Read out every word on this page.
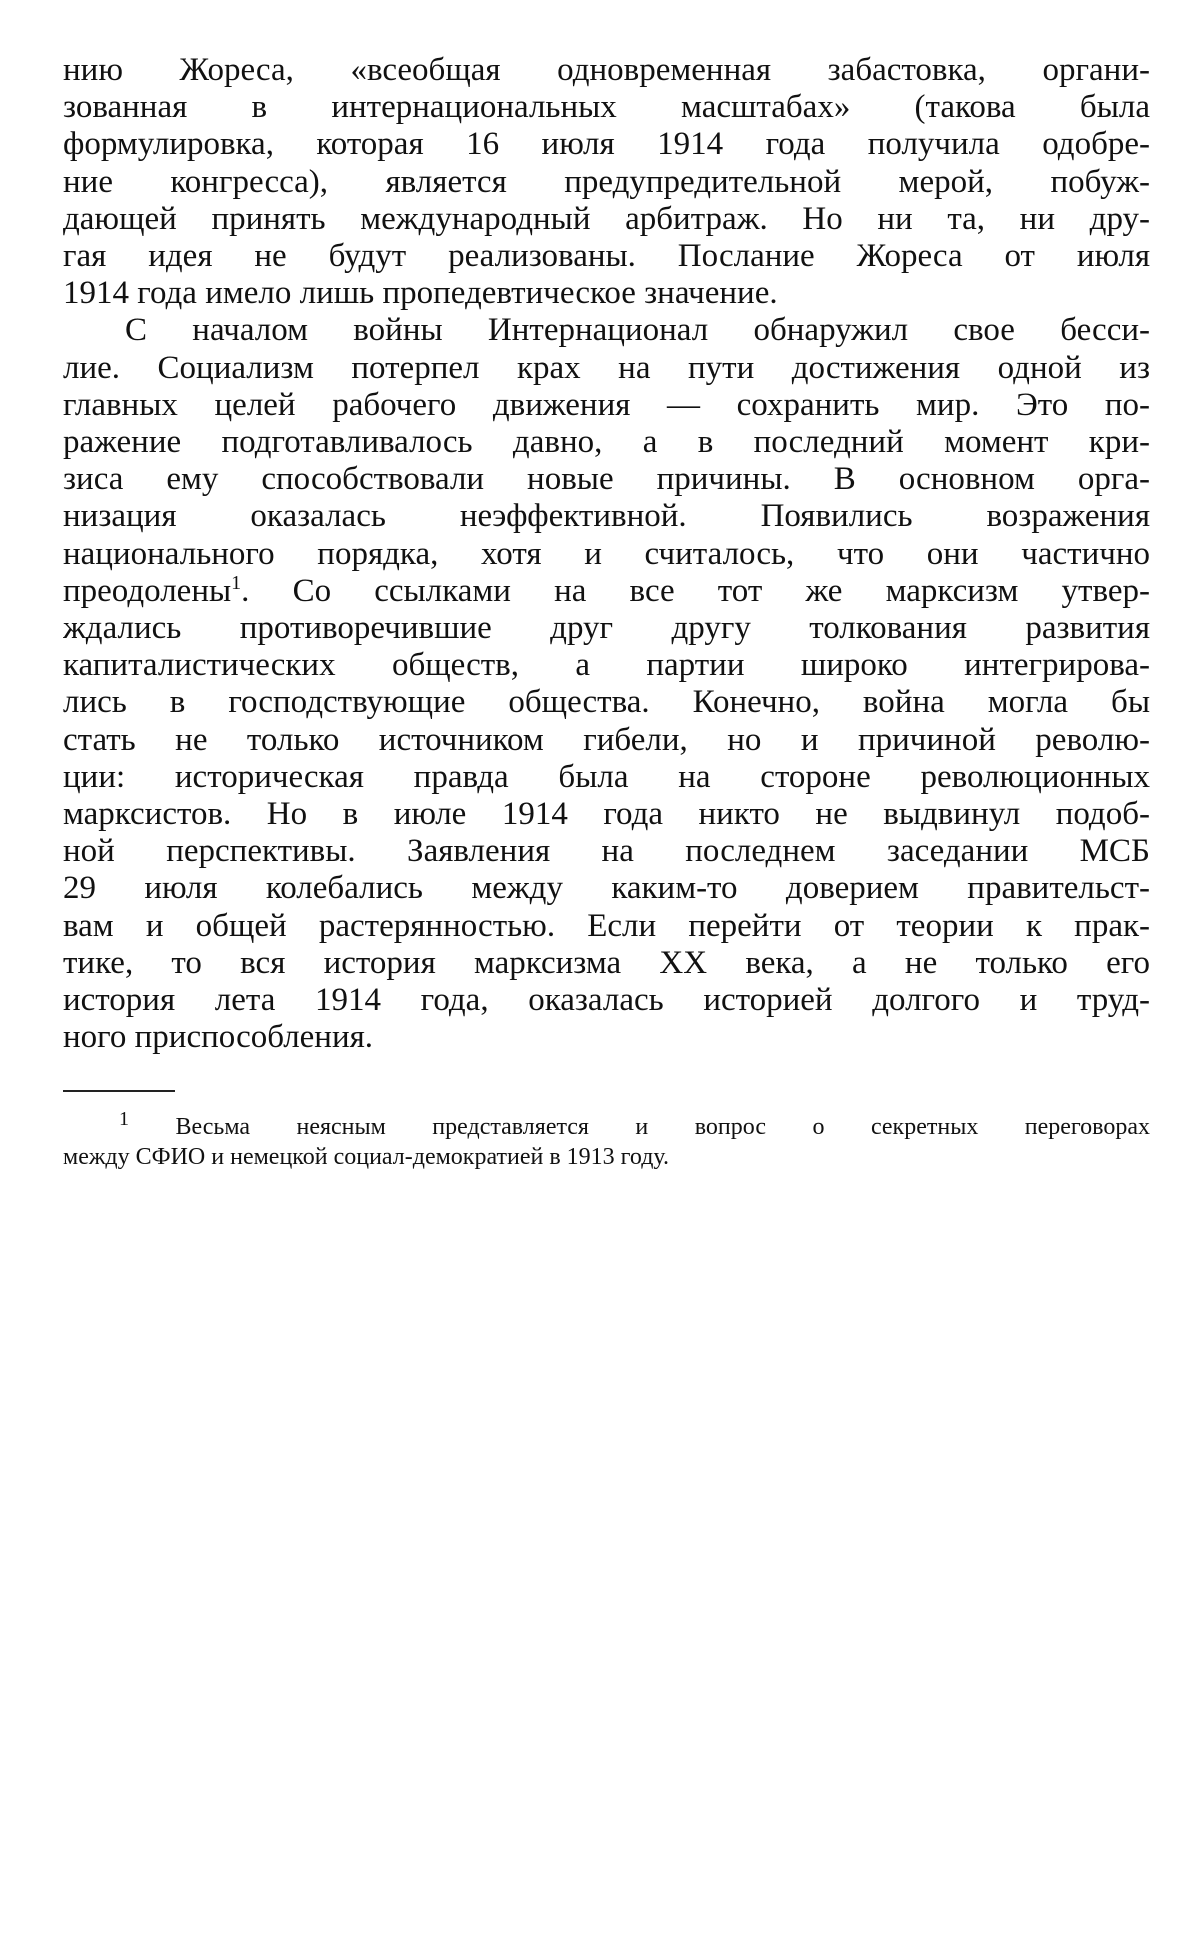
нию Жореса, «всеобщая одновременная забастовка, органи-
зованная в интернациональных масштабах» (такова была
формулировка, которая 16 июля 1914 года получила одобре-
ние конгресса), является предупредительной мерой, побуж-
дающей принять международный арбитраж. Но ни та, ни дру-
гая идея не будут реализованы. Послание Жореса от июля
1914 года имело лишь пропедевтическое значение.

С началом войны Интернационал обнаружил свое бесси-
лие. Социализм потерпел крах на пути достижения одной из
главных целей рабочего движения — сохранить мир. Это по-
ражение подготавливалось давно, а в последний момент кри-
зиса ему способствовали новые причины. В основном орга-
низация оказалась неэффективной. Появились возражения
национального порядка, хотя и считалось, что они частично
преодолены$^1$. Со ссылками на все тот же марксизм утвер-
ждались противоречившие друг другу толкования развития
капиталистических обществ, а партии широко интегрирова-
лись в господствующие общества. Конечно, война могла бы
стать не только источником гибели, но и причиной револю-
ции: историческая правда была на стороне революционных
марксистов. Но в июле 1914 года никто не выдвинул подоб-
ной перспективы. Заявления на последнем заседании МСБ
29 июля колебались между каким-то доверием правительст-
вам и общей растерянностью. Если перейти от теории к прак-
тике, то вся история марксизма XX века, а не только его
история лета 1914 года, оказалась историей долгого и труд-
ного приспособления.

$^1$ Весьма неясным представляется и вопрос о секретных переговорах
между СФИО и немецкой социал-демократией в 1913 году.
